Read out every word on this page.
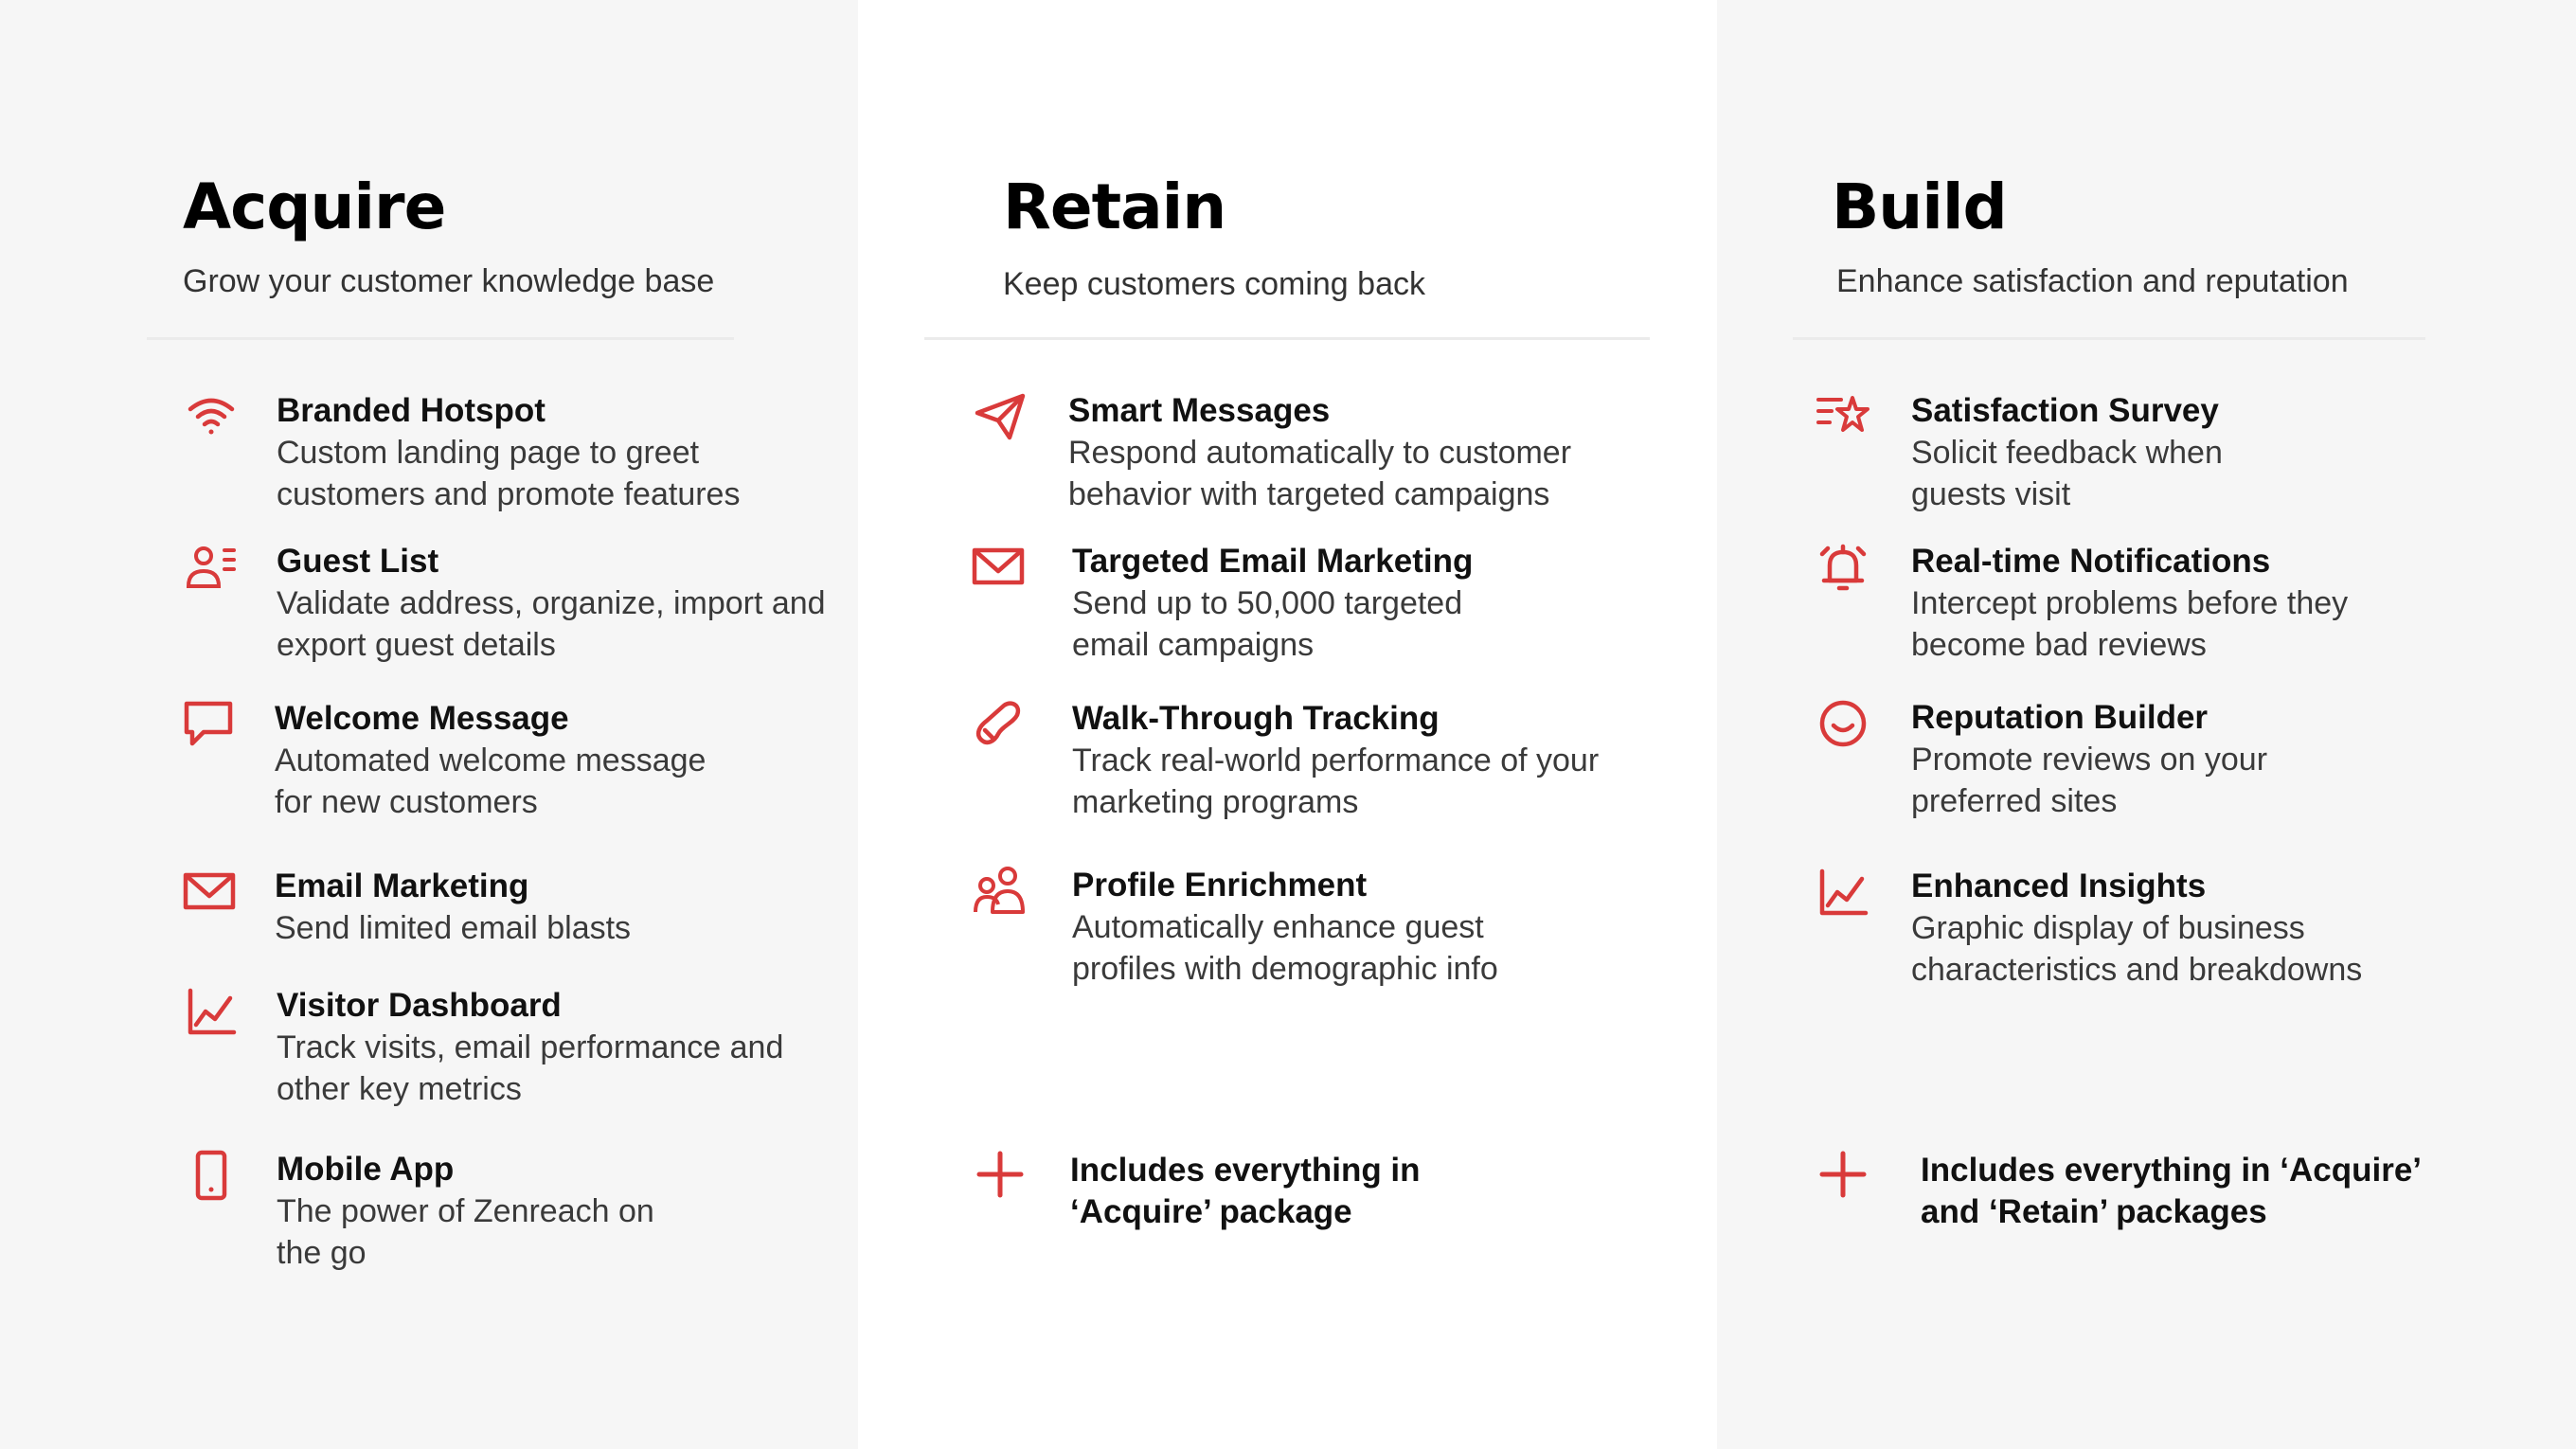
Acquire

Grow your customer knowledge base

Branded Hotspot
Custom landing page to greet customers and promote features
Guest List
Validate address, organize, import and export guest details
Welcome Message
Automated welcome message for new customers
Email Marketing
Send limited email blasts
Visitor Dashboard
Track visits, email performance and other key metrics
Mobile App
The power of Zenreach on the go
Retain

Keep customers coming back

Smart Messages
Respond automatically to customer behavior with targeted campaigns
Targeted Email Marketing
Send up to 50,000 targeted email campaigns
Walk-Through Tracking
Track real-world performance of your marketing programs
Profile Enrichment
Automatically enhance guest profiles with demographic info
Includes everything in
‘Acquire’ package
Build

Enhance satisfaction and reputation

Satisfaction Survey
Solicit feedback when guests visit
Real-time Notifications
Intercept problems before they become bad reviews
Reputation Builder
Promote reviews on your preferred sites
Enhanced Insights
Graphic display of business characteristics and breakdowns
Includes everything in ‘Acquire’
and ‘Retain’ packages
